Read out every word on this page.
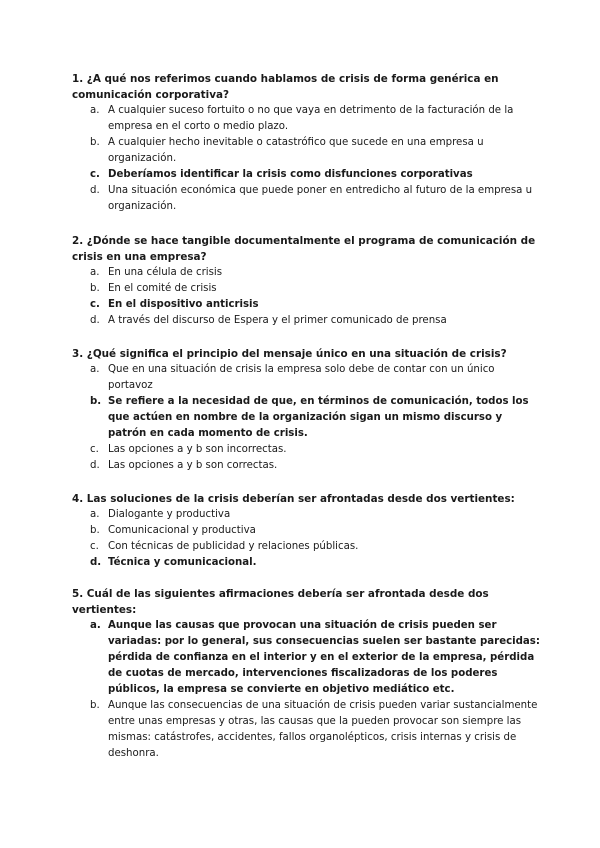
1. ¿A qué nos referimos cuando hablamos de crisis de forma genérica en comunicación corporativa?

a. A cualquier suceso fortuito o no que vaya en detrimento de la facturación de la empresa en el corto o medio plazo.
b. A cualquier hecho inevitable o catastrófico que sucede en una empresa u organización.
c. Deberíamos identificar la crisis como disfunciones corporativas
d. Una situación económica que puede poner en entredicho al futuro de la empresa u organización.

2. ¿Dónde se hace tangible documentalmente el programa de comunicación de crisis en una empresa?

a. En una célula de crisis
b. En el comité de crisis
c. En el dispositivo anticrisis
d. A través del discurso de Espera y el primer comunicado de prensa

3. ¿Qué significa el principio del mensaje único en una situación de crisis?

a. Que en una situación de crisis la empresa solo debe de contar con un único portavoz
b. Se refiere a la necesidad de que, en términos de comunicación, todos los que actúen en nombre de la organización sigan un mismo discurso y patrón en cada momento de crisis.
c. Las opciones a y b son incorrectas.
d. Las opciones a y b son correctas.

4. Las soluciones de la crisis deberían ser afrontadas desde dos vertientes:

a. Dialogante y productiva
b. Comunicacional y productiva
c. Con técnicas de publicidad y relaciones públicas.
d. Técnica y comunicacional.

5. Cuál de las siguientes afirmaciones debería ser afrontada desde dos vertientes:

a. Aunque las causas que provocan una situación de crisis pueden ser variadas: por lo general, sus consecuencias suelen ser bastante parecidas: pérdida de confianza en el interior y en el exterior de la empresa, pérdida de cuotas de mercado, intervenciones fiscalizadoras de los poderes públicos, la empresa se convierte en objetivo mediático etc.
b. Aunque las consecuencias de una situación de crisis pueden variar sustancialmente entre unas empresas y otras, las causas que la pueden provocar son siempre las mismas: catástrofes, accidentes, fallos organolépticos, crisis internas y crisis de deshonra.
